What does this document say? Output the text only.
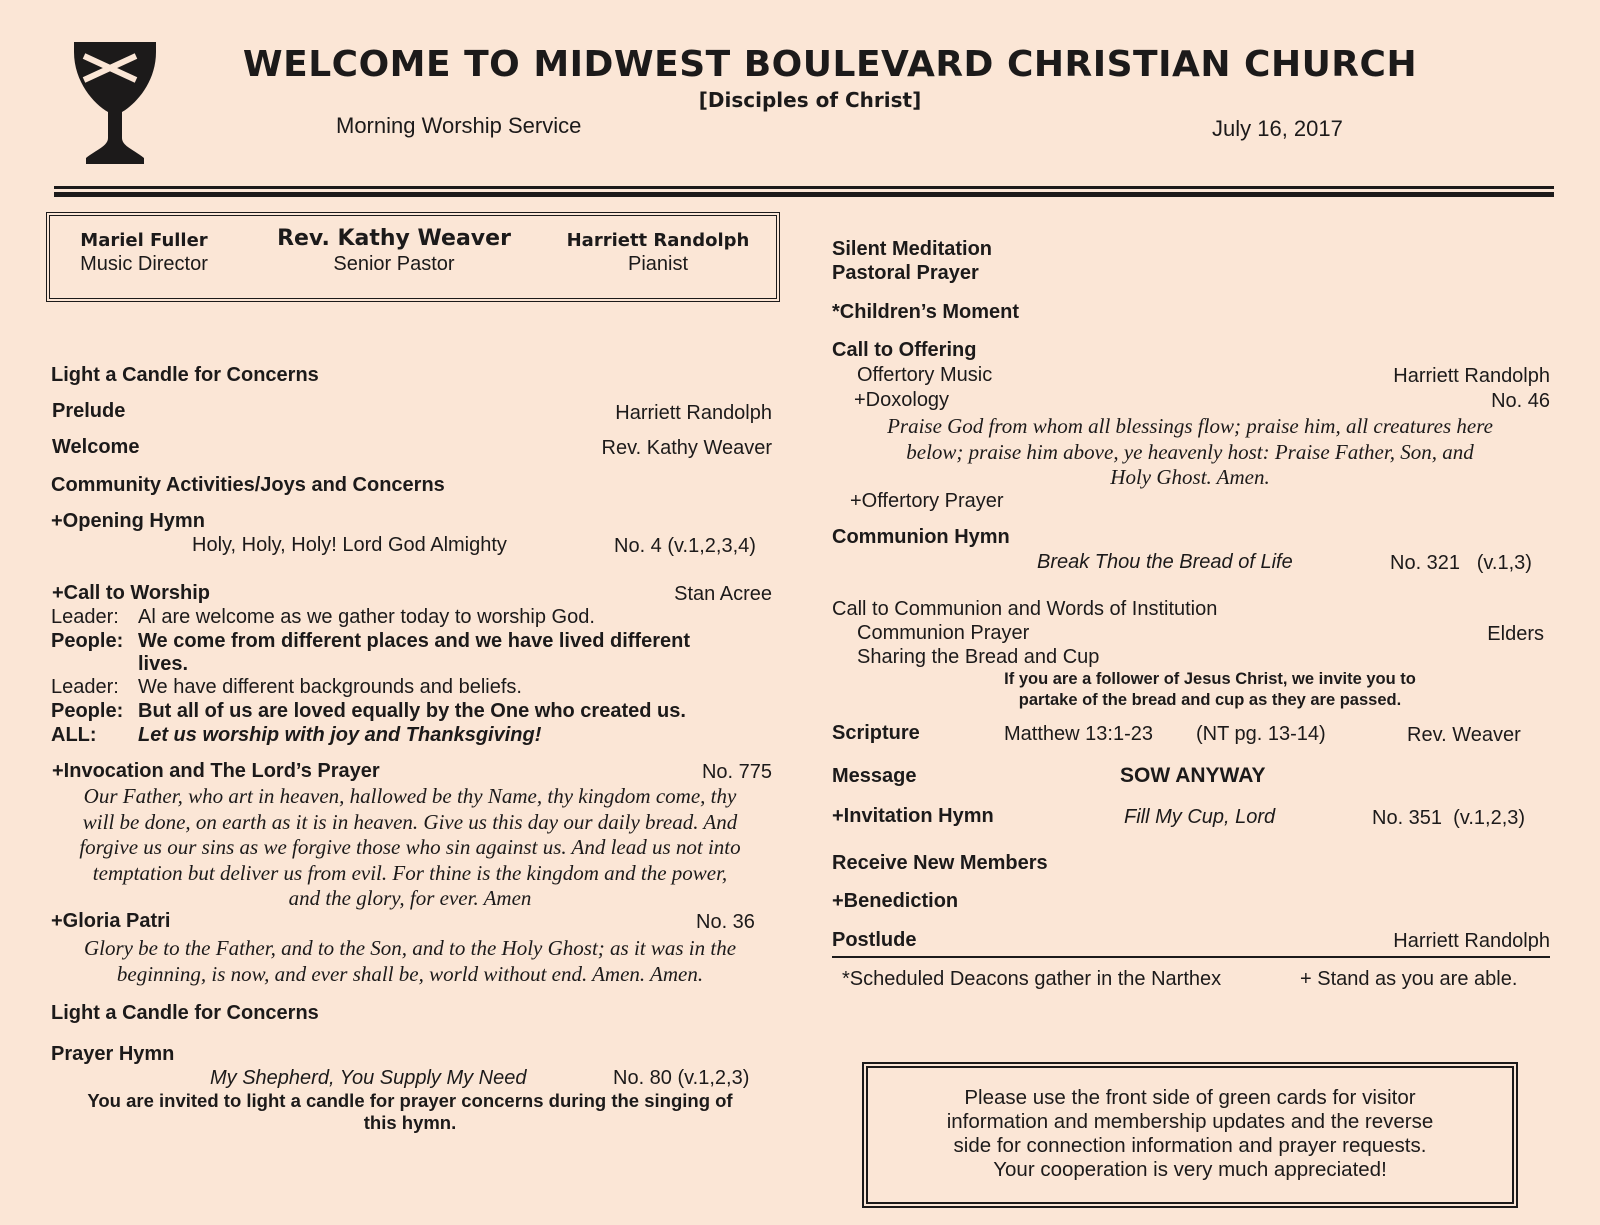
WELCOME TO MIDWEST BOULEVARD CHRISTIAN CHURCH
[Disciples of Christ]
Morning Worship Service	July 16, 2017
Mariel Fuller
Music Director
Rev. Kathy Weaver
Senior Pastor
Harriett Randolph
Pianist
Light a Candle for Concerns
Prelude	Harriett Randolph
Welcome	Rev. Kathy Weaver
Community Activities/Joys and Concerns
+Opening Hymn
Holy, Holy, Holy! Lord God Almighty	No. 4 (v.1,2,3,4)
+Call to Worship	Stan Acree
Leader: Al are welcome as we gather today to worship God.
People: We come from different places and we have lived different
lives.
Leader: We have different backgrounds and beliefs.
People: But all of us are loved equally by the One who created us.
ALL: Let us worship with joy and Thanksgiving!
+Invocation and The Lord’s Prayer	No. 775
Our Father, who art in heaven, hallowed be thy Name, thy kingdom come, thy
will be done, on earth as it is in heaven. Give us this day our daily bread. And
forgive us our sins as we forgive those who sin against us. And lead us not into
temptation but deliver us from evil. For thine is the kingdom and the power,
and the glory, for ever. Amen
+Gloria Patri	No. 36
Glory be to the Father, and to the Son, and to the Holy Ghost; as it was in the
beginning, is now, and ever shall be, world without end. Amen. Amen.
Light a Candle for Concerns
Prayer Hymn
My Shepherd, You Supply My Need	No. 80 (v.1,2,3)
You are invited to light a candle for prayer concerns during the singing of
this hymn.
Silent Meditation
Pastoral Prayer
*Children’s Moment
Call to Offering
Offertory Music	Harriett Randolph
+Doxology	No. 46
Praise God from whom all blessings flow; praise him, all creatures here
below; praise him above, ye heavenly host: Praise Father, Son, and
Holy Ghost. Amen.
+Offertory Prayer
Communion Hymn
Break Thou the Bread of Life	No. 321   (v.1,3)
Call to Communion and Words of Institution
Communion Prayer	Elders
Sharing the Bread and Cup
If you are a follower of Jesus Christ, we invite you to
partake of the bread and cup as they are passed.
Scripture	Matthew 13:1-23 (NT pg. 13-14)	Rev. Weaver
Message	SOW ANYWAY
+Invitation Hymn	Fill My Cup, Lord	No. 351  (v.1,2,3)
Receive New Members
+Benediction
Postlude	Harriett Randolph
*Scheduled Deacons gather in the Narthex	+ Stand as you are able.
Please use the front side of green cards for visitor
information and membership updates and the reverse
side for connection information and prayer requests.
Your cooperation is very much appreciated!
